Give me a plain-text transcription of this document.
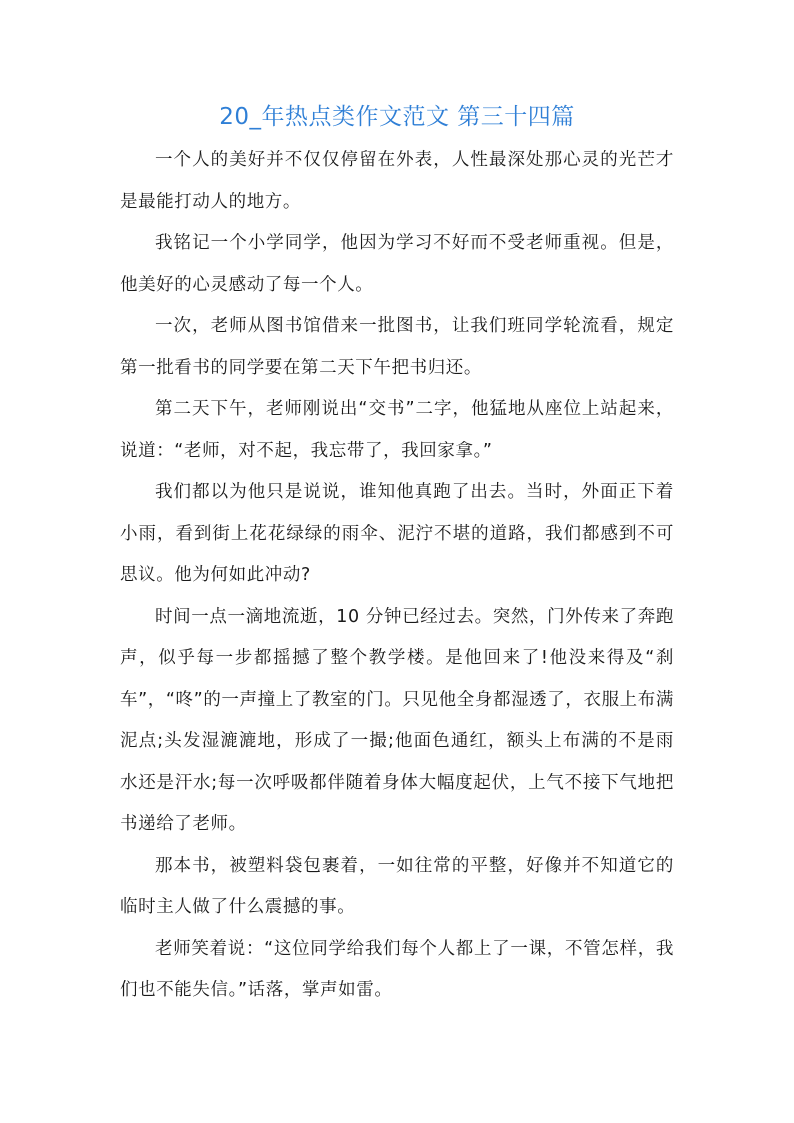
20_年热点类作文范文 第三十四篇

一个人的美好并不仅仅停留在外表，人性最深处那心灵的光芒才是最能打动人的地方。

我铭记一个小学同学，他因为学习不好而不受老师重视。但是，他美好的心灵感动了每一个人。

一次，老师从图书馆借来一批图书，让我们班同学轮流看，规定第一批看书的同学要在第二天下午把书归还。

第二天下午，老师刚说出“交书”二字，他猛地从座位上站起来，说道：“老师，对不起，我忘带了，我回家拿。”

我们都以为他只是说说，谁知他真跑了出去。当时，外面正下着小雨，看到街上花花绿绿的雨伞、泥泞不堪的道路，我们都感到不可思议。他为何如此冲动?

时间一点一滴地流逝，10 分钟已经过去。突然，门外传来了奔跑声，似乎每一步都摇撼了整个教学楼。是他回来了!他没来得及“刹车”，“咚”的一声撞上了教室的门。只见他全身都湿透了，衣服上布满泥点;头发湿漉漉地，形成了一撮;他面色通红，额头上布满的不是雨水还是汗水;每一次呼吸都伴随着身体大幅度起伏，上气不接下气地把书递给了老师。

那本书，被塑料袋包裹着，一如往常的平整，好像并不知道它的临时主人做了什么震撼的事。

老师笑着说：“这位同学给我们每个人都上了一课，不管怎样，我们也不能失信。”话落，掌声如雷。
